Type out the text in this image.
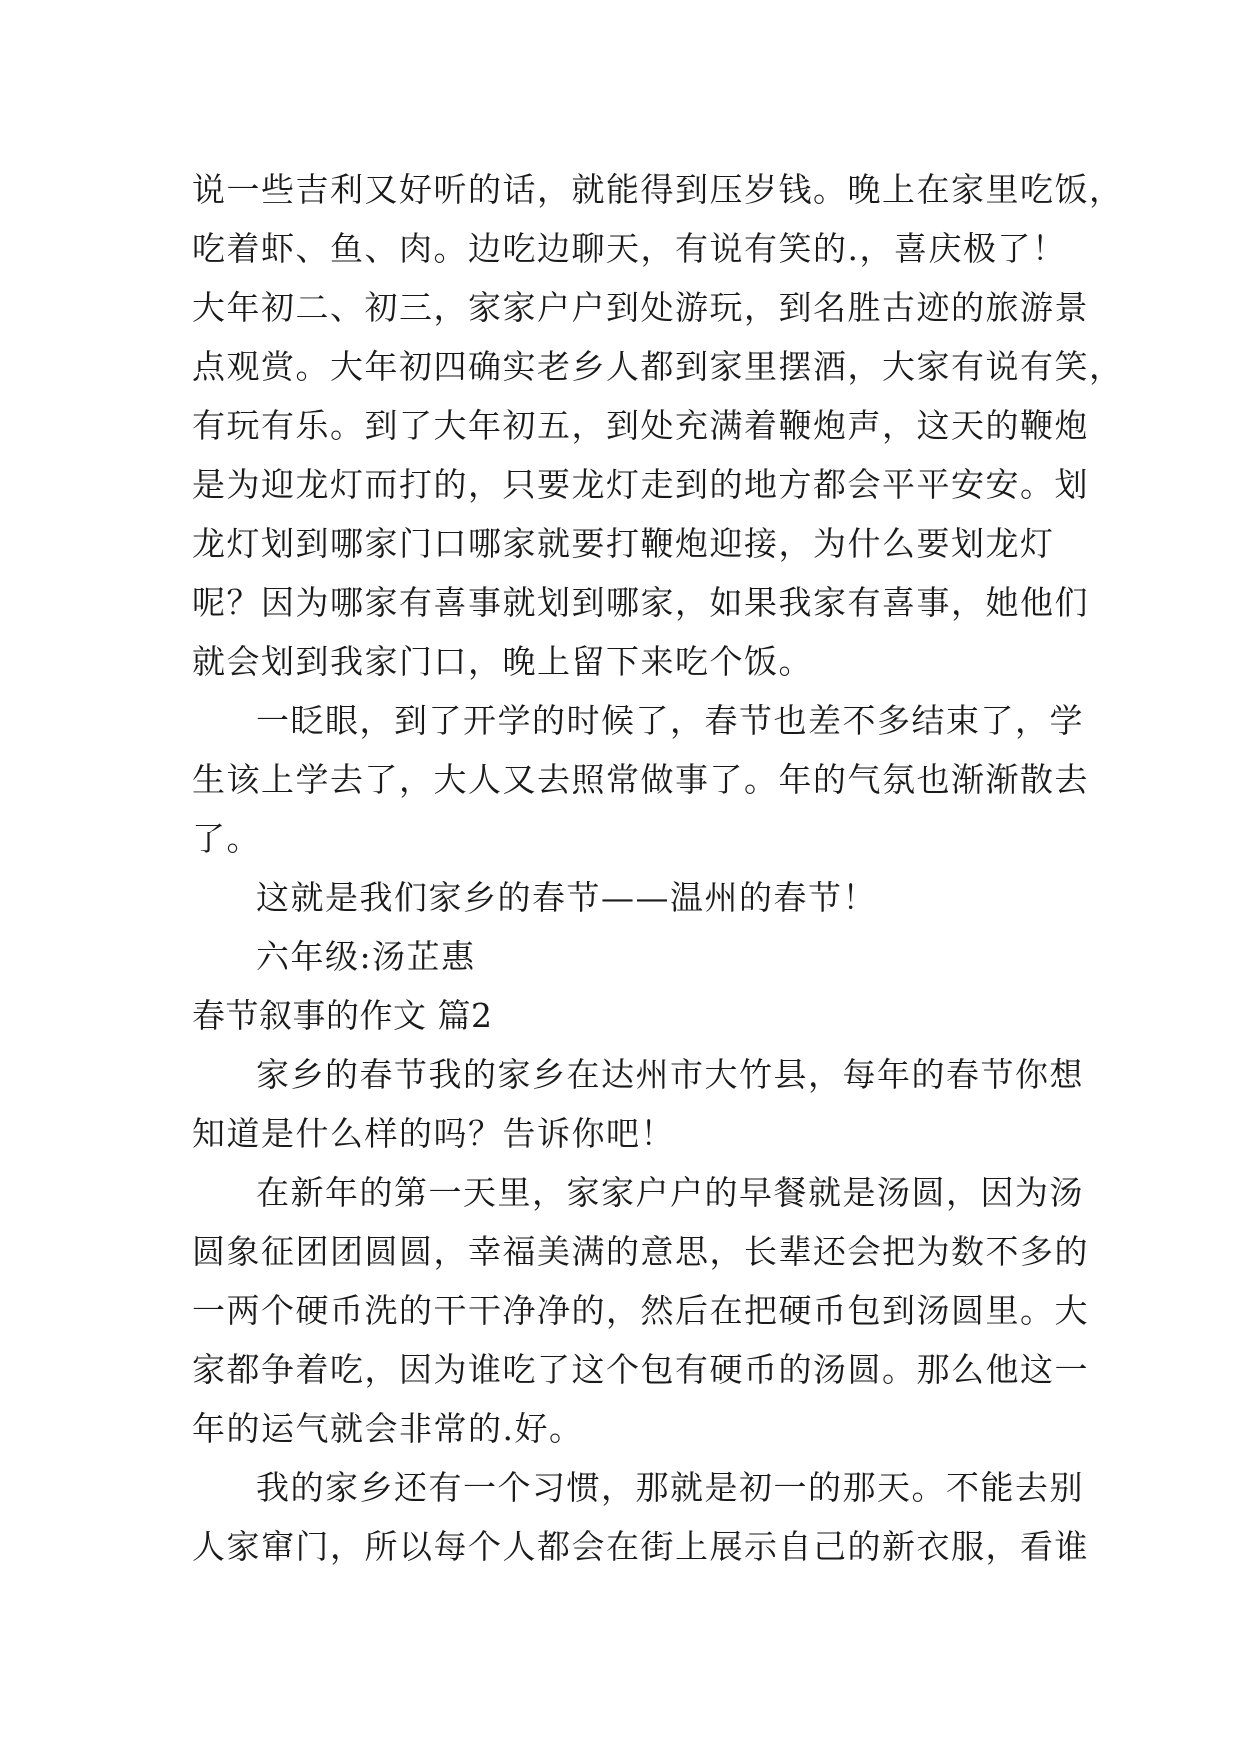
说一些吉利又好听的话，就能得到压岁钱。晚上在家里吃饭，
吃着虾、鱼、肉。边吃边聊天，有说有笑的.，喜庆极了！
大年初二、初三，家家户户到处游玩，到名胜古迹的旅游景
点观赏。大年初四确实老乡人都到家里摆酒，大家有说有笑，
有玩有乐。到了大年初五，到处充满着鞭炮声，这天的鞭炮
是为迎龙灯而打的，只要龙灯走到的地方都会平平安安。划
龙灯划到哪家门口哪家就要打鞭炮迎接，为什么要划龙灯
呢？因为哪家有喜事就划到哪家，如果我家有喜事，她他们
就会划到我家门口，晚上留下来吃个饭。
一眨眼，到了开学的时候了，春节也差不多结束了，学
生该上学去了，大人又去照常做事了。年的气氛也渐渐散去
了。
这就是我们家乡的春节——温州的春节！
六年级:汤芷惠
春节叙事的作文 篇2
家乡的春节我的家乡在达州市大竹县，每年的春节你想
知道是什么样的吗？告诉你吧！
在新年的第一天里，家家户户的早餐就是汤圆，因为汤
圆象征团团圆圆，幸福美满的意思，长辈还会把为数不多的
一两个硬币洗的干干净净的，然后在把硬币包到汤圆里。大
家都争着吃，因为谁吃了这个包有硬币的汤圆。那么他这一
年的运气就会非常的.好。
我的家乡还有一个习惯，那就是初一的那天。不能去别
人家窜门，所以每个人都会在街上展示自己的新衣服，看谁
